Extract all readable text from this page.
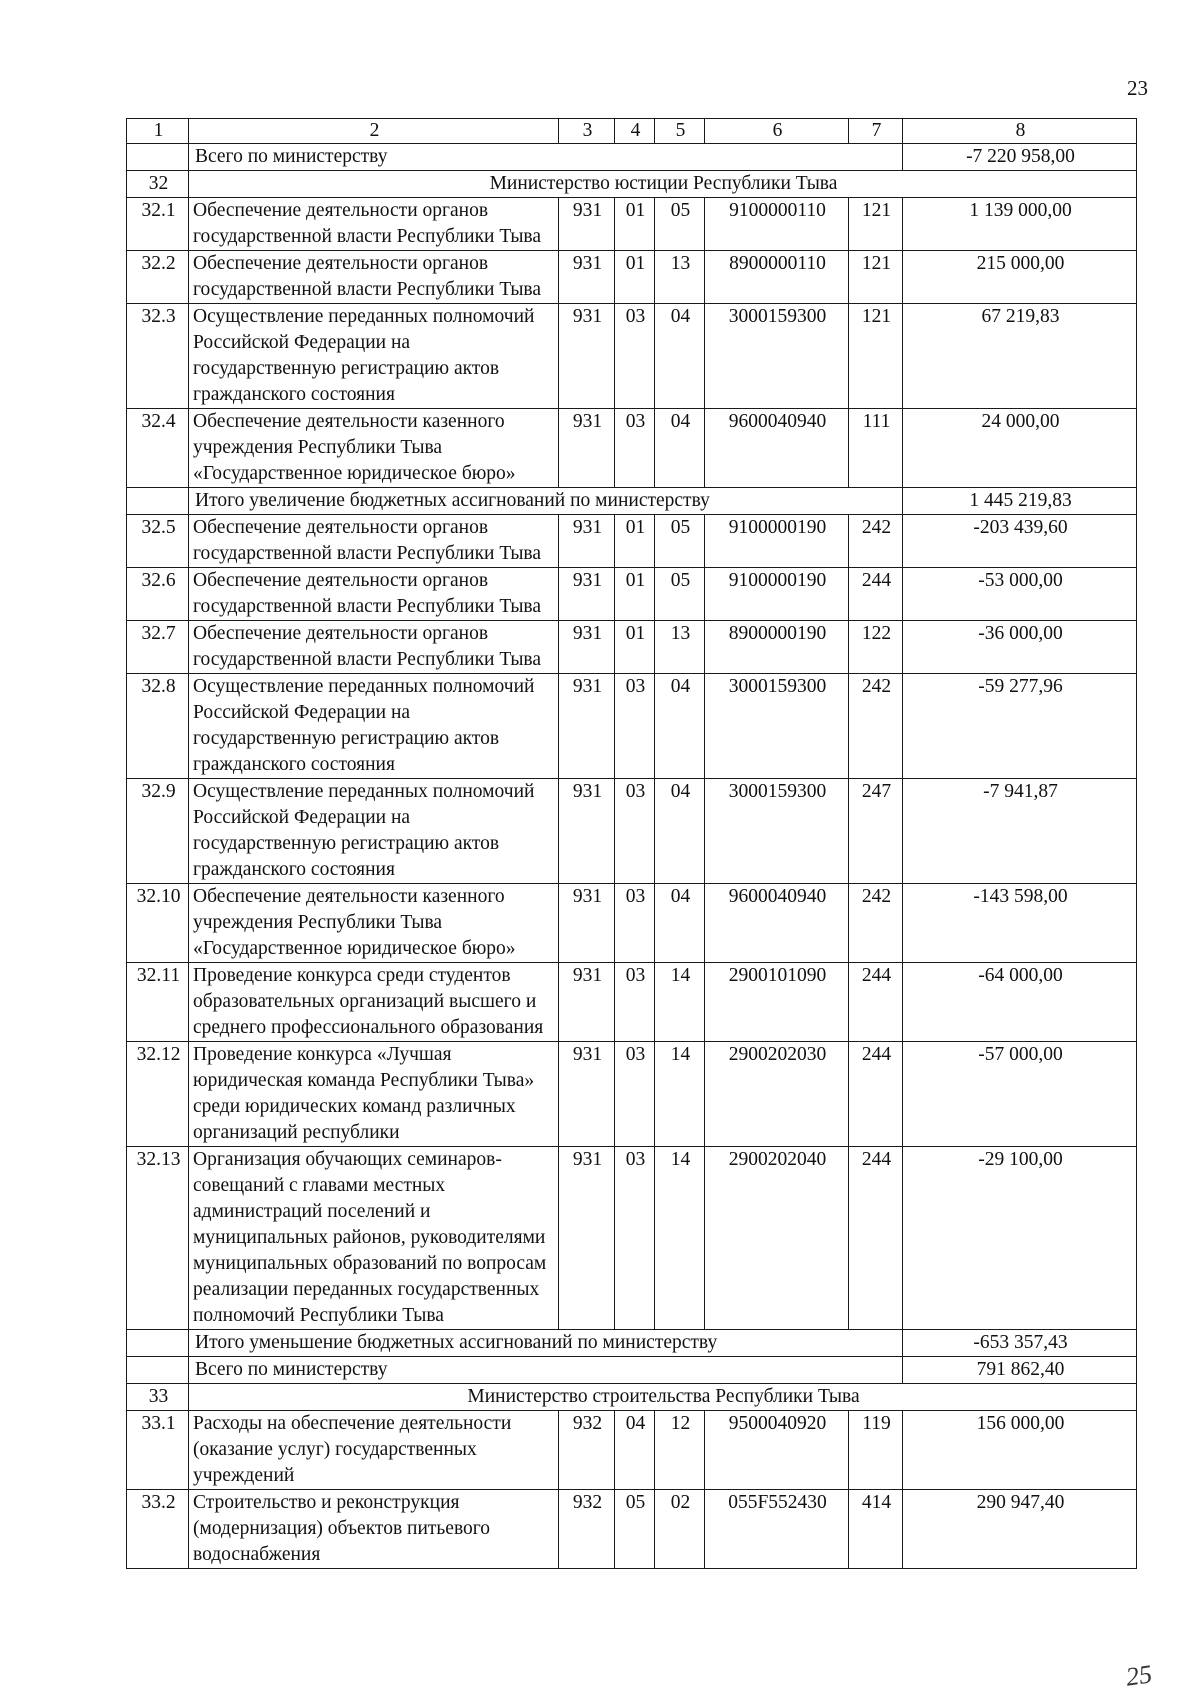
23
1	2	3	4	5	6	7	8
	Всего по министерству						-7 220 958,00
32	Министерство юстиции Республики Тыва						
32.1	Обеспечение деятельности органов государственной власти Республики Тыва	931	01	05	9100000110	121	1 139 000,00
32.2	Обеспечение деятельности органов государственной власти Республики Тыва	931	01	13	8900000110	121	215 000,00
32.3	Осуществление переданных полномочий Российской Федерации на государственную регистрацию актов гражданского состояния	931	03	04	3000159300	121	67 219,83
32.4	Обеспечение деятельности казенного учреждения Республики Тыва «Государственное юридическое бюро»	931	03	04	9600040940	111	24 000,00
	Итого увеличение бюджетных ассигнований по министерству						1 445 219,83
32.5	Обеспечение деятельности органов государственной власти Республики Тыва	931	01	05	9100000190	242	-203 439,60
32.6	Обеспечение деятельности органов государственной власти Республики Тыва	931	01	05	9100000190	244	-53 000,00
32.7	Обеспечение деятельности органов государственной власти Республики Тыва	931	01	13	8900000190	122	-36 000,00
32.8	Осуществление переданных полномочий Российской Федерации на государственную регистрацию актов гражданского состояния	931	03	04	3000159300	242	-59 277,96
32.9	Осуществление переданных полномочий Российской Федерации на государственную регистрацию актов гражданского состояния	931	03	04	3000159300	247	-7 941,87
32.10	Обеспечение деятельности казенного учреждения Республики Тыва «Государственное юридическое бюро»	931	03	04	9600040940	242	-143 598,00
32.11	Проведение конкурса среди студентов образовательных организаций высшего и среднего профессионального образования	931	03	14	2900101090	244	-64 000,00
32.12	Проведение конкурса «Лучшая юридическая команда Республики Тыва» среди юридических команд различных организаций республики	931	03	14	2900202030	244	-57 000,00
32.13	Организация обучающих семинаров-совещаний с главами местных администраций поселений и муниципальных районов, руководителями муниципальных образований по вопросам реализации переданных государственных полномочий Республики Тыва	931	03	14	2900202040	244	-29 100,00
	Итого уменьшение бюджетных ассигнований по министерству						-653 357,43
	Всего по министерству						791 862,40
33	Министерство строительства Республики Тыва						
33.1	Расходы на обеспечение деятельности (оказание услуг) государственных учреждений	932	04	12	9500040920	119	156 000,00
33.2	Строительство и реконструкция (модернизация) объектов питьевого водоснабжения	932	05	02	055F552430	414	290 947,40
25
